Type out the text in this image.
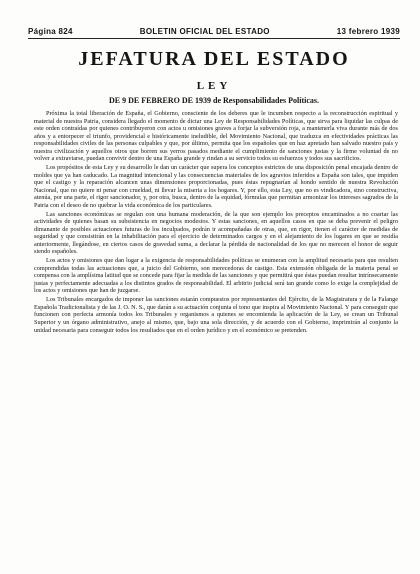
Página 824	BOLETIN OFICIAL DEL ESTADO	13 febrero 1939
JEFATURA DEL ESTADO
LEY
DE 9 DE FEBRERO DE 1939 de Responsabilidades Políticas.

Próxima la total liberación de España, el Gobierno, consciente de los deberes que le incumben respecto a la reconstrucción espiritual y material de nuestra Patria, considera llegado el momento de dictar una Ley de Responsabilidades Políticas, que sirva para liquidar las culpas de este orden contraídas por quienes contribuyeron con actos u omisiones graves a forjar la subversión roja, a mantenerla viva durante más de dos años y a entorpecer el triunfo, providencial e históricamente ineludible, del Movimiento Nacional, que traduzca en efectividades prácticas las responsabilidades civiles de las personas culpables y que, por último, permita que los españoles que en haz apretado han salvado nuestro país y nuestra civilización y aquellos otros que borren sus yerros pasados mediante el cumplimiento de sanciones justas y la firme voluntad de no volver a extraviarse, puedan convivir dentro de una España grande y rindan a su servicio todos su esfuerzos y todos sus sacrificios.

Los propósitos de esta Ley y su desarrollo le dan un carácter que supera los conceptos estrictos de una disposición penal encajada dentro de moldes que ya han caducado. La magnitud intencional y las consecuencias materiales de los agravios inferidos a España son tales, que impiden que el castigo y la reparación alcancen unas dimensiones proporcionadas, pues éstas repugnarían al hondo sentido de nuestra Revolución Nacional, que no quiere ni penar con crueldad, ni llevar la miseria a los hogares. Y, por ello, esta Ley, que no es vindicadora, sino constructiva, atenúa, por una parte, el rigor sancionador, y, por otra, busca, dentro de la equidad, fórmulas que permitan armonizar los intereses sagrados de la Patria con el deseo de no quebrar la vida económica de los particulares.

Las sanciones económicas se regulan con una humana moderación, de la que son ejemplo los preceptos encaminados a no coartar las actividades de quienes basan su subsistencia en negocios modestos. Y estas sanciones, en aquellos casos en que se deba prevenir el peligro dimanante de posibles actuaciones futuras de los inculpados, podrán ir acompañadas de otras, que, en rigor, tienen el carácter de medidas de seguridad y que consistirán en la inhabilitación para el ejercicio de determinados cargos y en el alejamiento de los lugares en que se residía anteriormente, llegándose, en ciertos casos de gravedad suma, a declarar la pérdida de nacionalidad de los que no merecen el honor de seguir siendo españoles.

Los actos y omisiones que dan lugar a la exigencia de responsabilidades políticas se enumeran con la amplitud necesaria para que resulten comprendidas todas las actuaciones que, a juicio del Gobierno, son merecedoras de castigo. Esta extensión obligada de la materia penal se compensa con la amplísima latitud que se concede para fijar la medida de las sanciones y que permitirá que éstas puedan resultar intrínsecamente justas y perfectamente adecuadas a los distintos grados de responsabilidad. El arbitrio judicial será tan grande como lo exige la complejidad de los actos y omisiones que han de juzgarse.

Los Tribunales encargados de imponer las sanciones estarán compuestos por representantes del Ejército, de la Magistratura y de la Falange Española Tradicionalista y de las J. O. N. S., que darán a su actuación conjunta el tono que inspira al Movimiento Nacional. Y para conseguir que funcionen con perfecta armonía todos los Tribunales y organismos a quienes se encomienda la aplicación de la Ley, se crean un Tribunal Superior y un órgano administrativo, anejo al mismo, que, bajo una sola dirección, y de acuerdo con el Gobierno, imprimirán al conjunto la unidad necesaria para conseguir todos los resultados que en el orden jurídico y en el económico se pretenden.
